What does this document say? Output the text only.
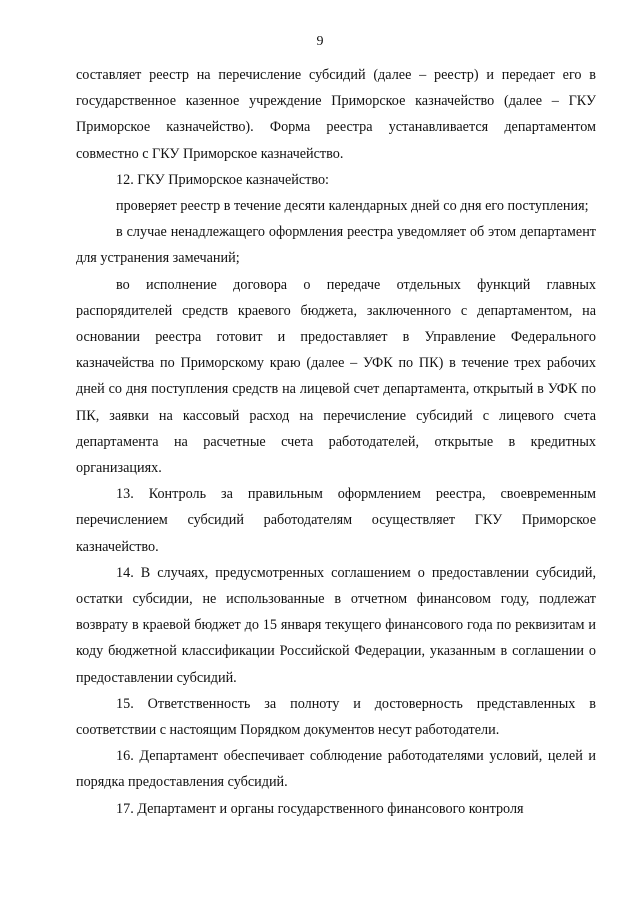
9

составляет реестр на перечисление субсидий (далее – реестр) и передает его в государственное казенное учреждение Приморское казначейство (далее – ГКУ Приморское казначейство). Форма реестра устанавливается департаментом совместно с ГКУ Приморское казначейство.

12. ГКУ Приморское казначейство:

проверяет реестр в течение десяти календарных дней со дня его поступления;

в случае ненадлежащего оформления реестра уведомляет об этом департамент для устранения замечаний;

во исполнение договора о передаче отдельных функций главных распорядителей средств краевого бюджета, заключенного с департаментом, на основании реестра готовит и предоставляет в Управление Федерального казначейства по Приморскому краю (далее – УФК по ПК) в течение трех рабочих дней со дня поступления средств на лицевой счет департамента, открытый в УФК по ПК, заявки на кассовый расход на перечисление субсидий с лицевого счета департамента на расчетные счета работодателей, открытые в кредитных организациях.

13. Контроль за правильным оформлением реестра, своевременным перечислением субсидий работодателям осуществляет ГКУ Приморское казначейство.

14. В случаях, предусмотренных соглашением о предоставлении субсидий, остатки субсидии, не использованные в отчетном финансовом году, подлежат возврату в краевой бюджет до 15 января текущего финансового года по реквизитам и коду бюджетной классификации Российской Федерации, указанным в соглашении о предоставлении субсидий.

15. Ответственность за полноту и достоверность представленных в соответствии с настоящим Порядком документов несут работодатели.

16. Департамент обеспечивает соблюдение работодателями условий, целей и порядка предоставления субсидий.

17. Департамент и органы государственного финансового контроля
